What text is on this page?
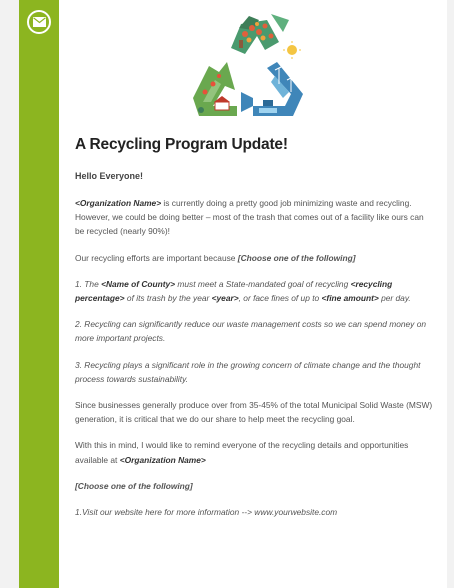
A Recycling Program Update!
Hello Everyone!

<Organization Name> is currently doing a pretty good job minimizing waste and recycling. However, we could be doing better – most of the trash that comes out of a facility like ours can be recycled (nearly 90%)!

Our recycling efforts are important because [Choose one of the following]

1. The <Name of County> must meet a State-mandated goal of recycling <recycling percentage> of its trash by the year <year>, or face fines of up to <fine amount> per day.

2. Recycling can significantly reduce our waste management costs so we can spend money on more important projects.

3. Recycling plays a significant role in the growing concern of climate change and the thought process towards sustainability.

Since businesses generally produce over from 35-45% of the total Municipal Solid Waste (MSW) generation, it is critical that we do our share to help meet the recycling goal.

With this in mind, I would like to remind everyone of the recycling details and opportunities available at <Organization Name>

[Choose one of the following]

1.Visit our website here for more information --> www.yourwebsite.com
